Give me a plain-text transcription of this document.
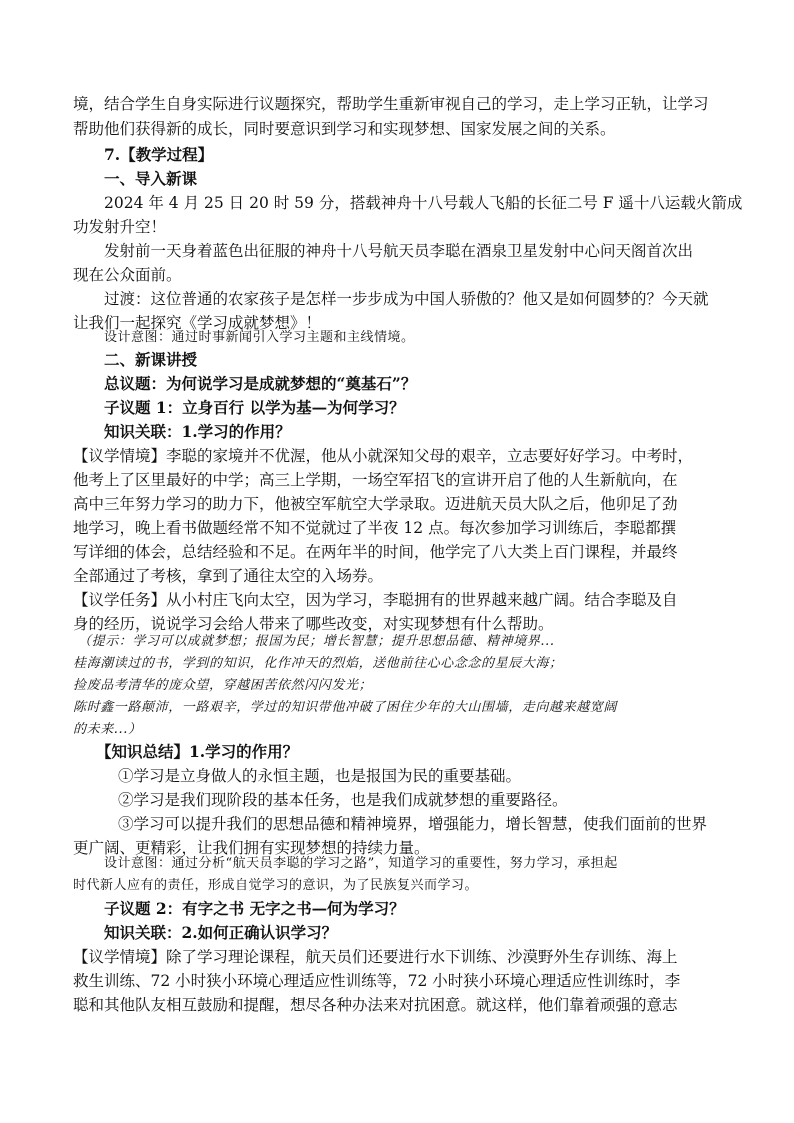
境，结合学生自身实际进行议题探究，帮助学生重新审视自己的学习，走上学习正轨，让学习
帮助他们获得新的成长，同时要意识到学习和实现梦想、国家发展之间的关系。
7.【教学过程】
一、导入新课
2024 年 4 月 25 日 20 时 59 分，搭载神舟十八号载人飞船的长征二号 F 遥十八运载火箭成
功发射升空！
发射前一天身着蓝色出征服的神舟十八号航天员李聪在酒泉卫星发射中心问天阁首次出
现在公众面前。
过渡：这位普通的农家孩子是怎样一步步成为中国人骄傲的？他又是如何圆梦的？今天就
让我们一起探究《学习成就梦想》！
设计意图：通过时事新闻引入学习主题和主线情境。
二、新课讲授
总议题：为何说学习是成就梦想的“奠基石”？
子议题 1：立身百行 以学为基—为何学习？
知识关联：1.学习的作用？
【议学情境】李聪的家境并不优渥，他从小就深知父母的艰辛，立志要好好学习。中考时，
他考上了区里最好的中学；高三上学期，一场空军招飞的宣讲开启了他的人生新航向，在
高中三年努力学习的助力下，他被空军航空大学录取。迈进航天员大队之后，他卯足了劲
地学习，晚上看书做题经常不知不觉就过了半夜 12 点。每次参加学习训练后，李聪都撰
写详细的体会，总结经验和不足。在两年半的时间，他学完了八大类上百门课程，并最终
全部通过了考核，拿到了通往太空的入场券。
【议学任务】从小村庄飞向太空，因为学习，李聪拥有的世界越来越广阔。结合李聪及自
身的经历，说说学习会给人带来了哪些改变，对实现梦想有什么帮助。
（提示：学习可以成就梦想；报国为民；增长智慧；提升思想品德、精神境界...
桂海潮读过的书，学到的知识，化作冲天的烈焰，送他前往心心念念的星辰大海；
捡废品考清华的庞众望，穿越困苦依然闪闪发光；
陈时鑫一路颠沛，一路艰辛，学过的知识带他冲破了困住少年的大山围墙，走向越来越宽阔
的未来...）
【知识总结】1.学习的作用？
①学习是立身做人的永恒主题，也是报国为民的重要基础。
②学习是我们现阶段的基本任务，也是我们成就梦想的重要路径。
③学习可以提升我们的思想品德和精神境界，增强能力，增长智慧，使我们面前的世界
更广阔、更精彩，让我们拥有实现梦想的持续力量。
设计意图：通过分析“航天员李聪的学习之路”，知道学习的重要性，努力学习，承担起
时代新人应有的责任，形成自觉学习的意识，为了民族复兴而学习。
子议题 2：有字之书 无字之书—何为学习？
知识关联：2.如何正确认识学习？
【议学情境】除了学习理论课程，航天员们还要进行水下训练、沙漠野外生存训练、海上
救生训练、72 小时狭小环境心理适应性训练等，72 小时狭小环境心理适应性训练时，李
聪和其他队友相互鼓励和提醒，想尽各种办法来对抗困意。就这样，他们靠着顽强的意志
